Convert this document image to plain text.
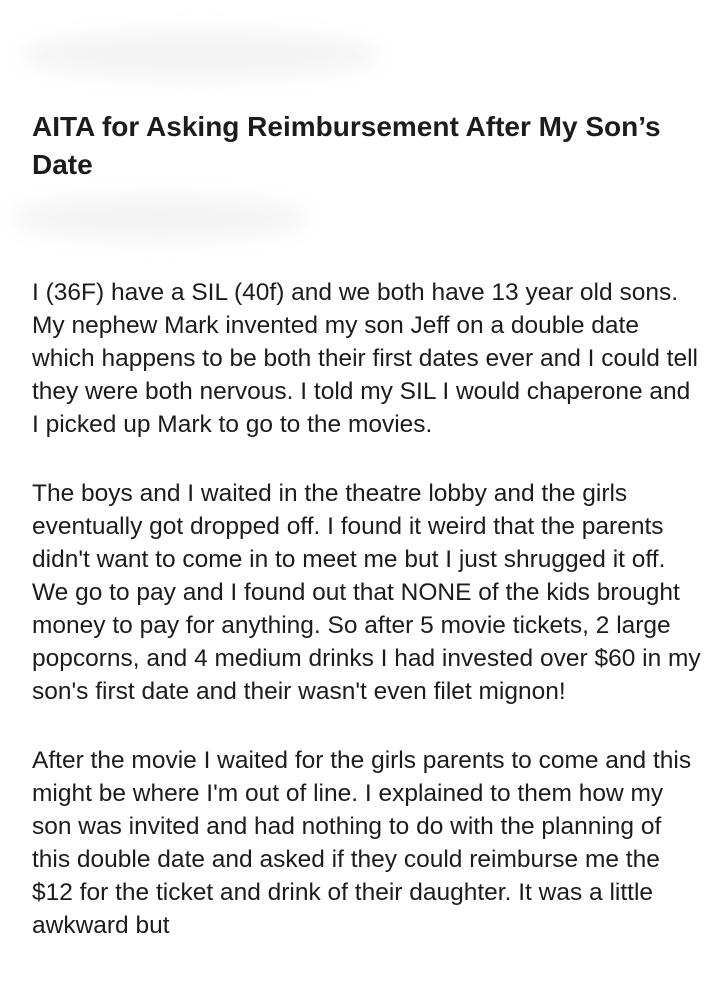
AITA for Asking Reimbursement After My Son’s Date

I (36F) have a SIL (40f) and we both have 13 year old sons. My nephew Mark invented my son Jeff on a double date which happens to be both their first dates ever and I could tell they were both nervous. I told my SIL I would chaperone and I picked up Mark to go to the movies.

The boys and I waited in the theatre lobby and the girls eventually got dropped off. I found it weird that the parents didn't want to come in to meet me but I just shrugged it off. We go to pay and I found out that NONE of the kids brought money to pay for anything. So after 5 movie tickets, 2 large popcorns, and 4 medium drinks I had invested over $60 in my son's first date and their wasn't even filet mignon!

After the movie I waited for the girls parents to come and this might be where I'm out of line. I explained to them how my son was invited and had nothing to do with the planning of this double date and asked if they could reimburse me the $12 for the ticket and drink of their daughter. It was a little awkward but
